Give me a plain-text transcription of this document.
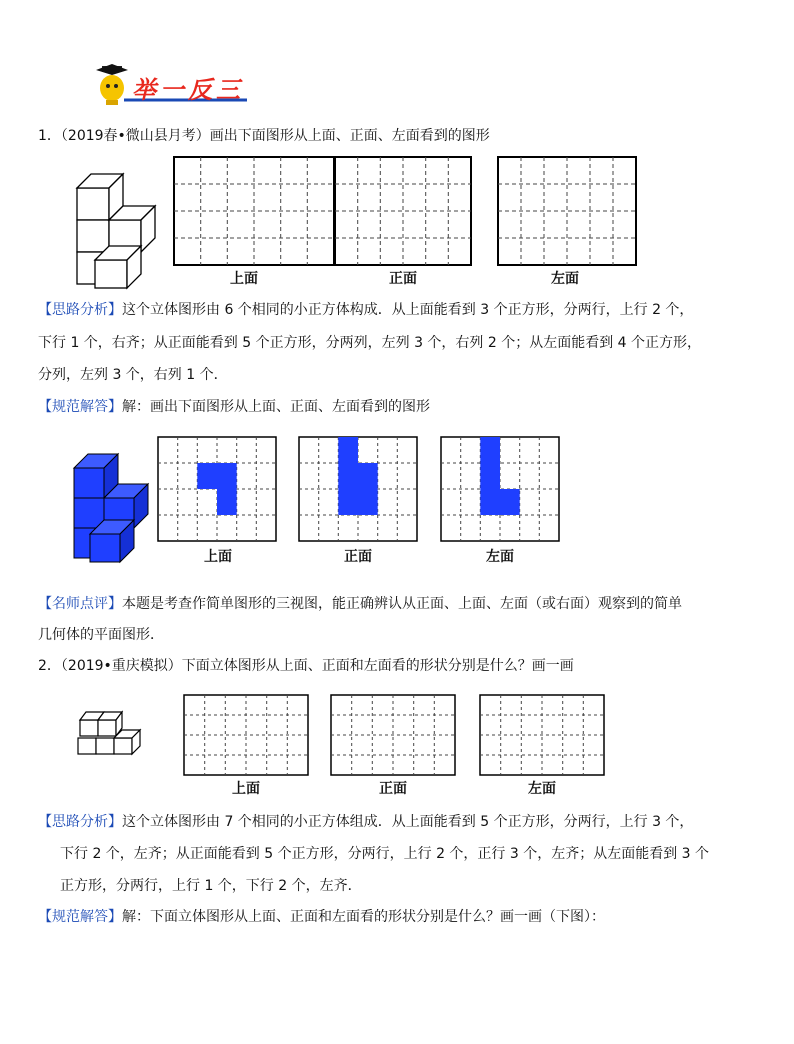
举一反三
1．（2019春•微山县月考）画出下面图形从上面、正面、左面看到的图形
上面	正面	左面
【思路分析】这个立体图形由 6 个相同的小正方体构成．从上面能看到 3 个正方形，分两行，上行 2 个，
下行 1 个，右齐；从正面能看到 5 个正方形，分两列，左列 3 个，右列 2 个；从左面能看到 4 个正方形，
分列，左列 3 个，右列 1 个．
【规范解答】解：画出下面图形从上面、正面、左面看到的图形
上面	正面	左面
【名师点评】本题是考查作简单图形的三视图，能正确辨认从正面、上面、左面（或右面）观察到的简单
几何体的平面图形．
2．（2019•重庆模拟）下面立体图形从上面、正面和左面看的形状分别是什么？画一画
上面	正面	左面
【思路分析】这个立体图形由 7 个相同的小正方体组成．从上面能看到 5 个正方形，分两行，上行 3 个，
下行 2 个，左齐；从正面能看到 5 个正方形，分两行，上行 2 个，正行 3 个，左齐；从左面能看到 3 个
正方形，分两行，上行 1 个，下行 2 个，左齐．
【规范解答】解：下面立体图形从上面、正面和左面看的形状分别是什么？画一画（下图）：
